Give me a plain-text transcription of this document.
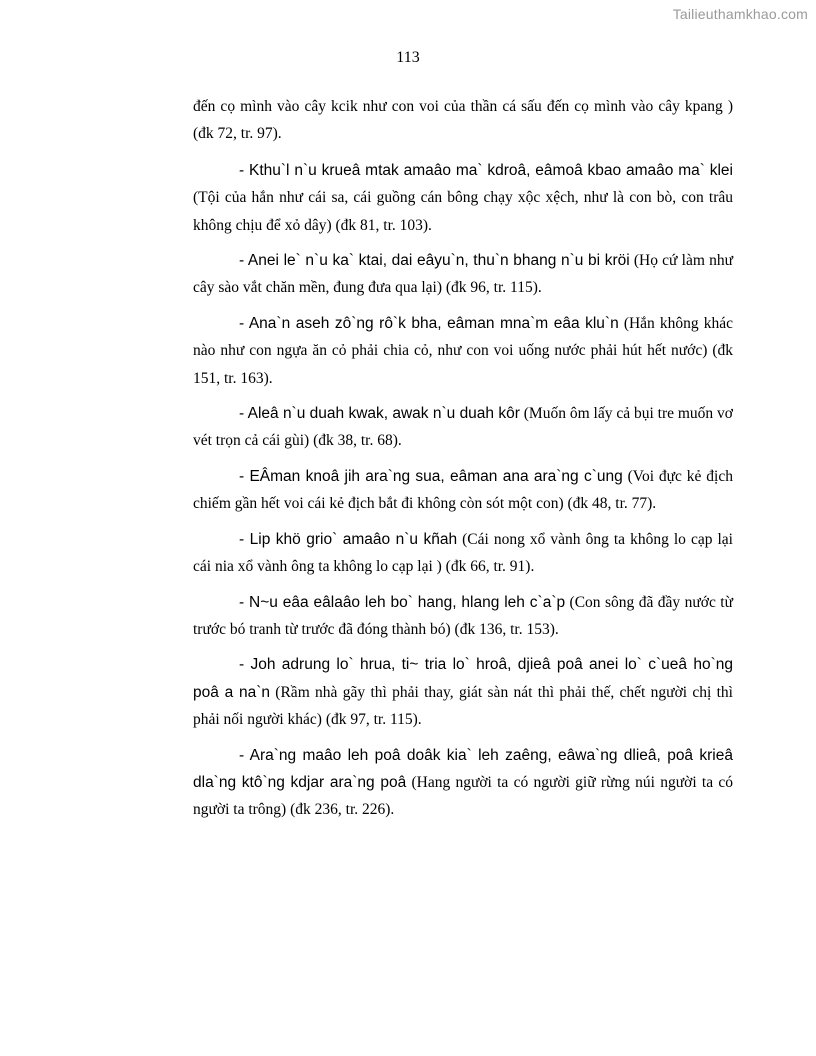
Tailieuthamkhao.com
113

đến cọ mình vào cây kcik như con voi của thần cá sấu đến cọ mình vào cây kpang ) (đk 72, tr. 97).

- Kthu`l n`u krueâ mtak amaâo ma` kdroâ, eâmoâ kbao amaâo ma` klei (Tội của hắn như cái sa, cái guồng cán bông chạy xộc xệch, như là con bò, con trâu không chịu để xỏ dây) (đk 81, tr. 103).

- Anei le` n`u ka` ktai, dai eâyu`n, thu`n bhang n`u bi kröi (Họ cứ làm như cây sào vắt chăn mền, đung đưa qua lại) (đk 96, tr. 115).

- Ana`n aseh zô`ng rô`k bha, eâman mna`m eâa klu`n (Hắn không khác nào như con ngựa ăn cỏ phải chia cỏ, như con voi uống nước phải hút hết nước) (đk 151, tr. 163).

- Aleâ n`u duah kwak, awak n`u duah kôr (Muốn ôm lấy cả bụi tre muốn vơ vét trọn cả cái gùi) (đk 38, tr. 68).

- EÂman knoâ jih ara`ng sua, eâman ana ara`ng c`ung (Voi đực kẻ địch chiếm gần hết voi cái kẻ địch bắt đi không còn sót một con) (đk 48, tr. 77).

- Lip khö grio` amaâo n`u kñah (Cái nong xổ vành ông ta không lo cạp lại cái nia xổ vành ông ta không lo cạp lại ) (đk 66, tr. 91).

- N~u eâa eâlaâo leh bo` hang, hlang leh c`a`p (Con sông đã đầy nước từ trước bó tranh từ trước đã đóng thành bó) (đk 136, tr. 153).

- Joh adrung lo` hrua, ti~ tria lo` hroâ, djieâ poâ anei lo` c`ueâ ho`ng poâ a na`n (Rầm nhà gãy thì phải thay, giát sàn nát thì phải thế, chết người chị thì phải nối người khác) (đk 97, tr. 115).

- Ara`ng maâo leh poâ doâk kia` leh zaêng, eâwa`ng dlieâ, poâ krieâ dla`ng ktô`ng kdjar ara`ng poâ (Hang người ta có người giữ rừng núi người ta có người ta trông) (đk 236, tr. 226).
